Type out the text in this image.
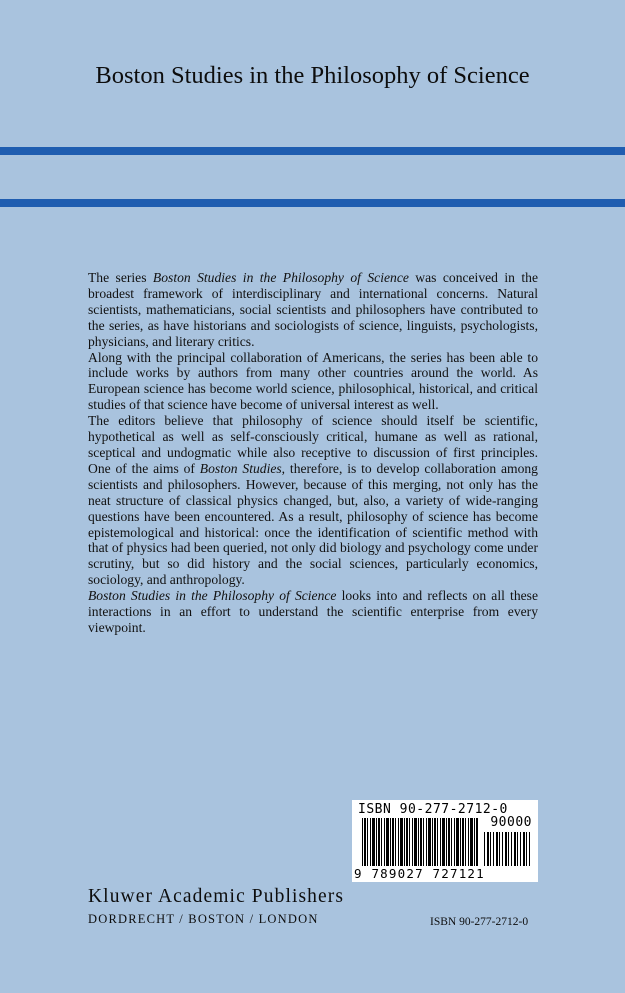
Boston Studies in the Philosophy of Science

The series Boston Studies in the Philosophy of Science was conceived in the broadest framework of interdisciplinary and international concerns. Natural scientists, mathematicians, social scientists and philosophers have contributed to the series, as have historians and sociologists of science, linguists, psychologists, physicians, and literary critics.

Along with the principal collaboration of Americans, the series has been able to include works by authors from many other countries around the world. As European science has become world science, philosophical, historical, and critical studies of that science have become of universal interest as well.

The editors believe that philosophy of science should itself be scientific, hypothetical as well as self-consciously critical, humane as well as rational, sceptical and undogmatic while also receptive to discussion of first principles. One of the aims of Boston Studies, therefore, is to develop collaboration among scientists and philosophers. However, because of this merging, not only has the neat structure of classical physics changed, but, also, a variety of wide-ranging questions have been encountered. As a result, philosophy of science has become epistemological and historical: once the identification of scientific method with that of physics had been queried, not only did biology and psychology come under scrutiny, but so did history and the social sciences, particularly economics, sociology, and anthropology.

Boston Studies in the Philosophy of Science looks into and reflects on all these interactions in an effort to understand the scientific enterprise from every viewpoint.

ISBN 90-277-2712-0
90000
9 789027 727121
Kluwer Academic Publishers
DORDRECHT / BOSTON / LONDON	ISBN 90-277-2712-0
